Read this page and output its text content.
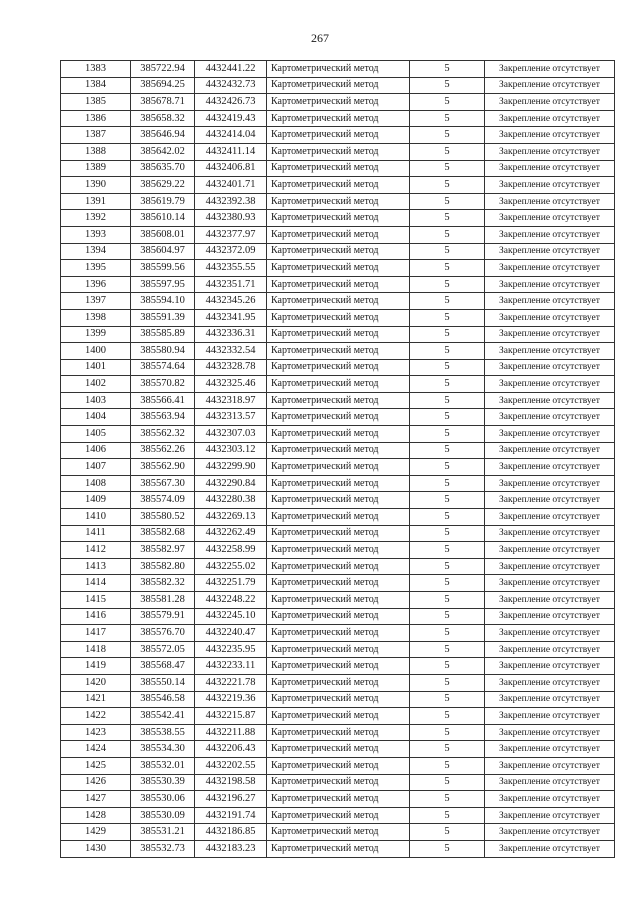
267
1383	385722.94	4432441.22	Картометрический метод	5	Закрепление отсутствует
1384	385694.25	4432432.73	Картометрический метод	5	Закрепление отсутствует
1385	385678.71	4432426.73	Картометрический метод	5	Закрепление отсутствует
1386	385658.32	4432419.43	Картометрический метод	5	Закрепление отсутствует
1387	385646.94	4432414.04	Картометрический метод	5	Закрепление отсутствует
1388	385642.02	4432411.14	Картометрический метод	5	Закрепление отсутствует
1389	385635.70	4432406.81	Картометрический метод	5	Закрепление отсутствует
1390	385629.22	4432401.71	Картометрический метод	5	Закрепление отсутствует
1391	385619.79	4432392.38	Картометрический метод	5	Закрепление отсутствует
1392	385610.14	4432380.93	Картометрический метод	5	Закрепление отсутствует
1393	385608.01	4432377.97	Картометрический метод	5	Закрепление отсутствует
1394	385604.97	4432372.09	Картометрический метод	5	Закрепление отсутствует
1395	385599.56	4432355.55	Картометрический метод	5	Закрепление отсутствует
1396	385597.95	4432351.71	Картометрический метод	5	Закрепление отсутствует
1397	385594.10	4432345.26	Картометрический метод	5	Закрепление отсутствует
1398	385591.39	4432341.95	Картометрический метод	5	Закрепление отсутствует
1399	385585.89	4432336.31	Картометрический метод	5	Закрепление отсутствует
1400	385580.94	4432332.54	Картометрический метод	5	Закрепление отсутствует
1401	385574.64	4432328.78	Картометрический метод	5	Закрепление отсутствует
1402	385570.82	4432325.46	Картометрический метод	5	Закрепление отсутствует
1403	385566.41	4432318.97	Картометрический метод	5	Закрепление отсутствует
1404	385563.94	4432313.57	Картометрический метод	5	Закрепление отсутствует
1405	385562.32	4432307.03	Картометрический метод	5	Закрепление отсутствует
1406	385562.26	4432303.12	Картометрический метод	5	Закрепление отсутствует
1407	385562.90	4432299.90	Картометрический метод	5	Закрепление отсутствует
1408	385567.30	4432290.84	Картометрический метод	5	Закрепление отсутствует
1409	385574.09	4432280.38	Картометрический метод	5	Закрепление отсутствует
1410	385580.52	4432269.13	Картометрический метод	5	Закрепление отсутствует
1411	385582.68	4432262.49	Картометрический метод	5	Закрепление отсутствует
1412	385582.97	4432258.99	Картометрический метод	5	Закрепление отсутствует
1413	385582.80	4432255.02	Картометрический метод	5	Закрепление отсутствует
1414	385582.32	4432251.79	Картометрический метод	5	Закрепление отсутствует
1415	385581.28	4432248.22	Картометрический метод	5	Закрепление отсутствует
1416	385579.91	4432245.10	Картометрический метод	5	Закрепление отсутствует
1417	385576.70	4432240.47	Картометрический метод	5	Закрепление отсутствует
1418	385572.05	4432235.95	Картометрический метод	5	Закрепление отсутствует
1419	385568.47	4432233.11	Картометрический метод	5	Закрепление отсутствует
1420	385550.14	4432221.78	Картометрический метод	5	Закрепление отсутствует
1421	385546.58	4432219.36	Картометрический метод	5	Закрепление отсутствует
1422	385542.41	4432215.87	Картометрический метод	5	Закрепление отсутствует
1423	385538.55	4432211.88	Картометрический метод	5	Закрепление отсутствует
1424	385534.30	4432206.43	Картометрический метод	5	Закрепление отсутствует
1425	385532.01	4432202.55	Картометрический метод	5	Закрепление отсутствует
1426	385530.39	4432198.58	Картометрический метод	5	Закрепление отсутствует
1427	385530.06	4432196.27	Картометрический метод	5	Закрепление отсутствует
1428	385530.09	4432191.74	Картометрический метод	5	Закрепление отсутствует
1429	385531.21	4432186.85	Картометрический метод	5	Закрепление отсутствует
1430	385532.73	4432183.23	Картометрический метод	5	Закрепление отсутствует
